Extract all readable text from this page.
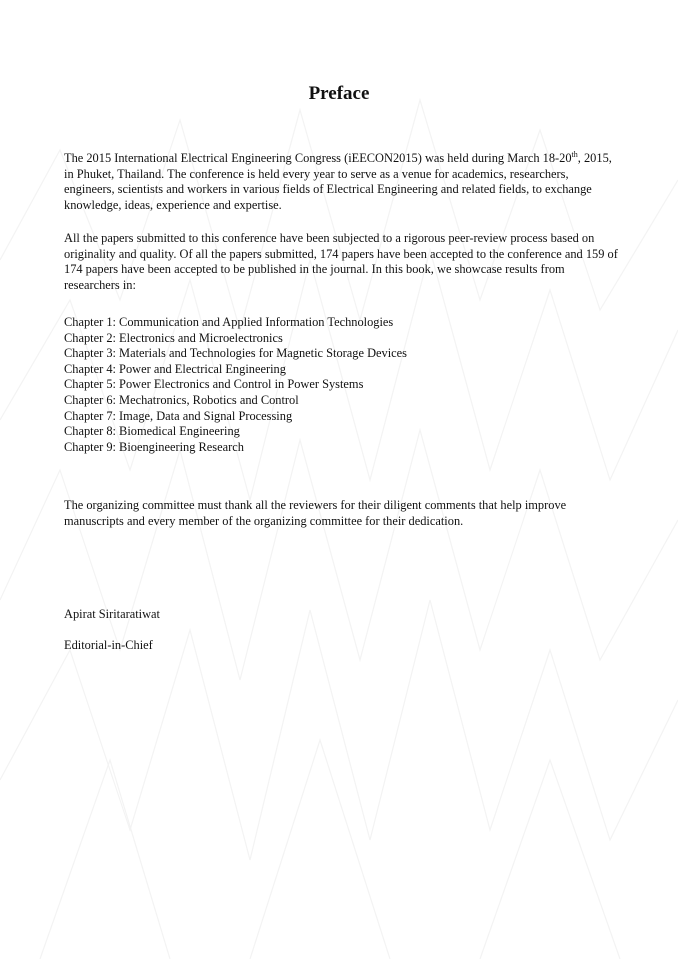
Preface

The 2015 International Electrical Engineering Congress (iEECON2015) was held during March 18-20th, 2015, in Phuket, Thailand. The conference is held every year to serve as a venue for academics, researchers, engineers, scientists and workers in various fields of Electrical Engineering and related fields, to exchange knowledge, ideas, experience and expertise.

All the papers submitted to this conference have been subjected to a rigorous peer-review process based on originality and quality. Of all the papers submitted, 174 papers have been accepted to the conference and 159 of 174 papers have been accepted to be published in the journal. In this book, we showcase results from researchers in:

Chapter 1: Communication and Applied Information Technologies
Chapter 2: Electronics and Microelectronics
Chapter 3: Materials and Technologies for Magnetic Storage Devices
Chapter 4: Power and Electrical Engineering
Chapter 5: Power Electronics and Control in Power Systems
Chapter 6: Mechatronics, Robotics and Control
Chapter 7: Image, Data and Signal Processing
Chapter 8: Biomedical Engineering
Chapter 9: Bioengineering Research

The organizing committee must thank all the reviewers for their diligent comments that help improve manuscripts and every member of the organizing committee for their dedication.

Apirat Siritaratiwat
Editorial-in-Chief
